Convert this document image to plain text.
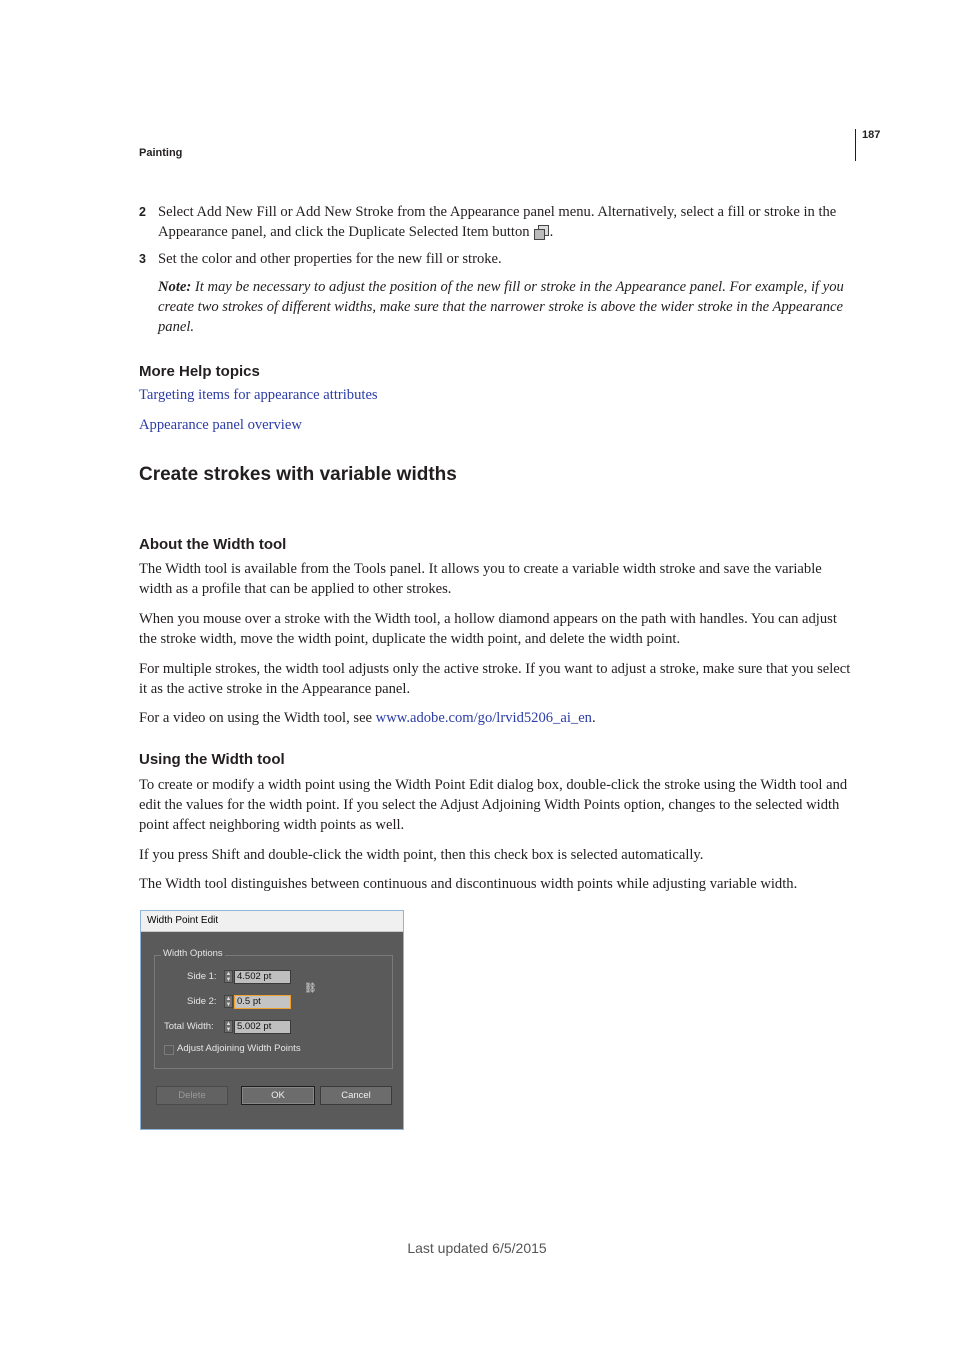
Painting
187
2 Select Add New Fill or Add New Stroke from the Appearance panel menu. Alternatively, select a fill or stroke in the Appearance panel, and click the Duplicate Selected Item button .
3 Set the color and other properties for the new fill or stroke.
Note: It may be necessary to adjust the position of the new fill or stroke in the Appearance panel. For example, if you create two strokes of different widths, make sure that the narrower stroke is above the wider stroke in the Appearance panel.
More Help topics
Targeting items for appearance attributes
Appearance panel overview
Create strokes with variable widths
About the Width tool
The Width tool is available from the Tools panel. It allows you to create a variable width stroke and save the variable width as a profile that can be applied to other strokes.
When you mouse over a stroke with the Width tool, a hollow diamond appears on the path with handles. You can adjust the stroke width, move the width point, duplicate the width point, and delete the width point.
For multiple strokes, the width tool adjusts only the active stroke. If you want to adjust a stroke, make sure that you select it as the active stroke in the Appearance panel.
For a video on using the Width tool, see www.adobe.com/go/lrvid5206_ai_en.
Using the Width tool
To create or modify a width point using the Width Point Edit dialog box, double-click the stroke using the Width tool and edit the values for the width point. If you select the Adjust Adjoining Width Points option, changes to the selected width point affect neighboring width points as well.
If you press Shift and double-click the width point, then this check box is selected automatically.
The Width tool distinguishes between continuous and discontinuous width points while adjusting variable width.
Width Point Edit
Width Options
Side 1: ▲
▼ 4.502 pt
Side 2: ▲
▼ 0.5 pt
⛓
Total Width: ▲
▼ 5.002 pt
Adjust Adjoining Width Points
Delete	OK	Cancel
Last updated 6/5/2015
